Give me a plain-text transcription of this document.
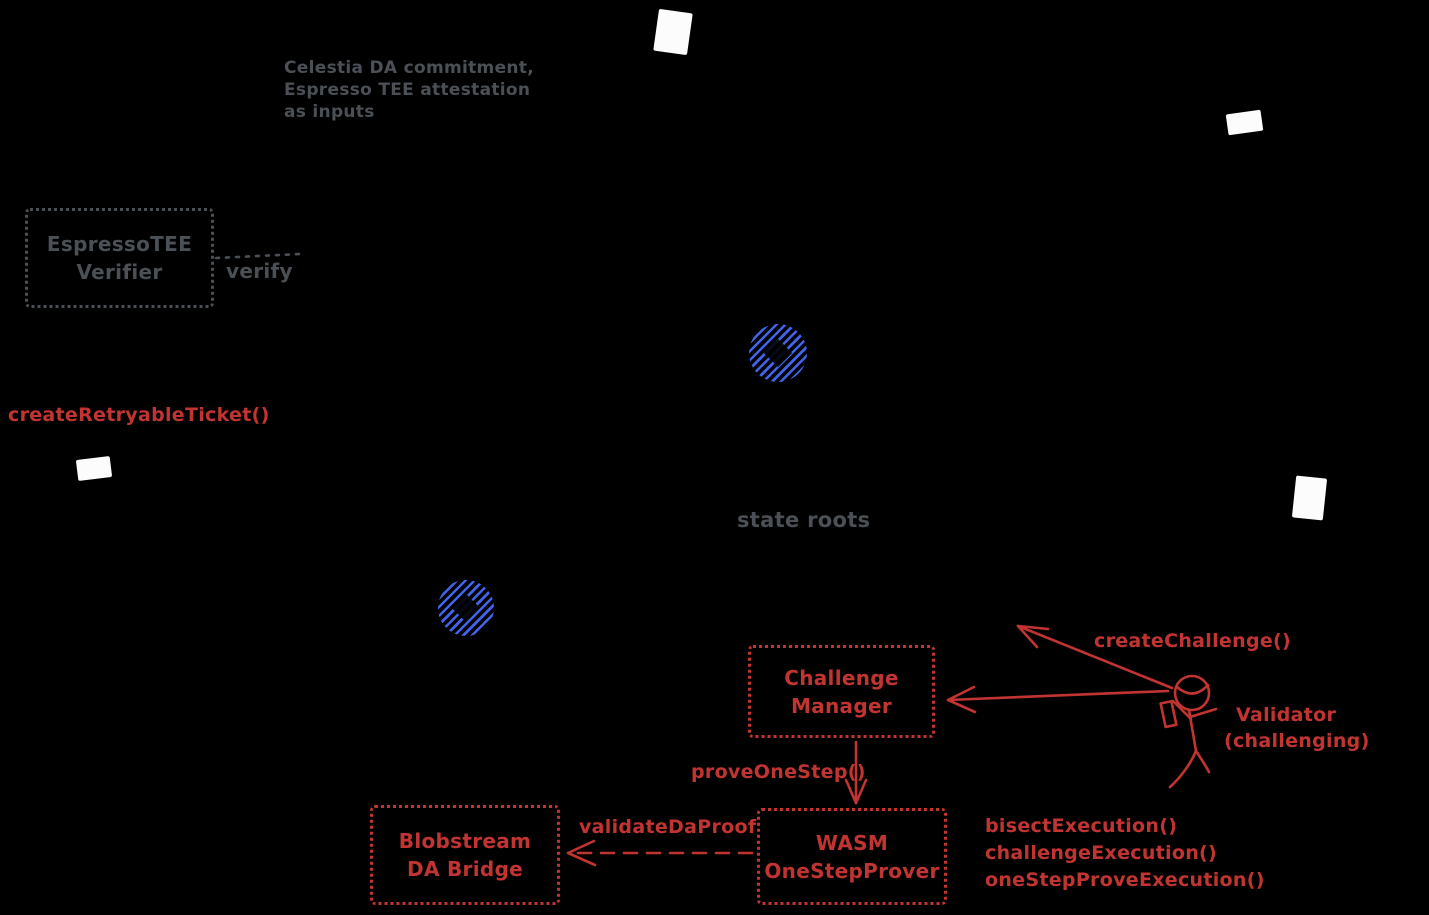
Celestia DA commitment,
Espresso TEE attestation
as inputs
EspressoTEE
Verifier	verify
state roots
createRetryableTicket()
createChallenge()
proveOneStep()
validateDaProof
Validator
(challenging)
bisectExecution()
challengeExecution()
oneStepProveExecution()
Challenge
Manager
WASM
OneStepProver
Blobstream
DA Bridge
